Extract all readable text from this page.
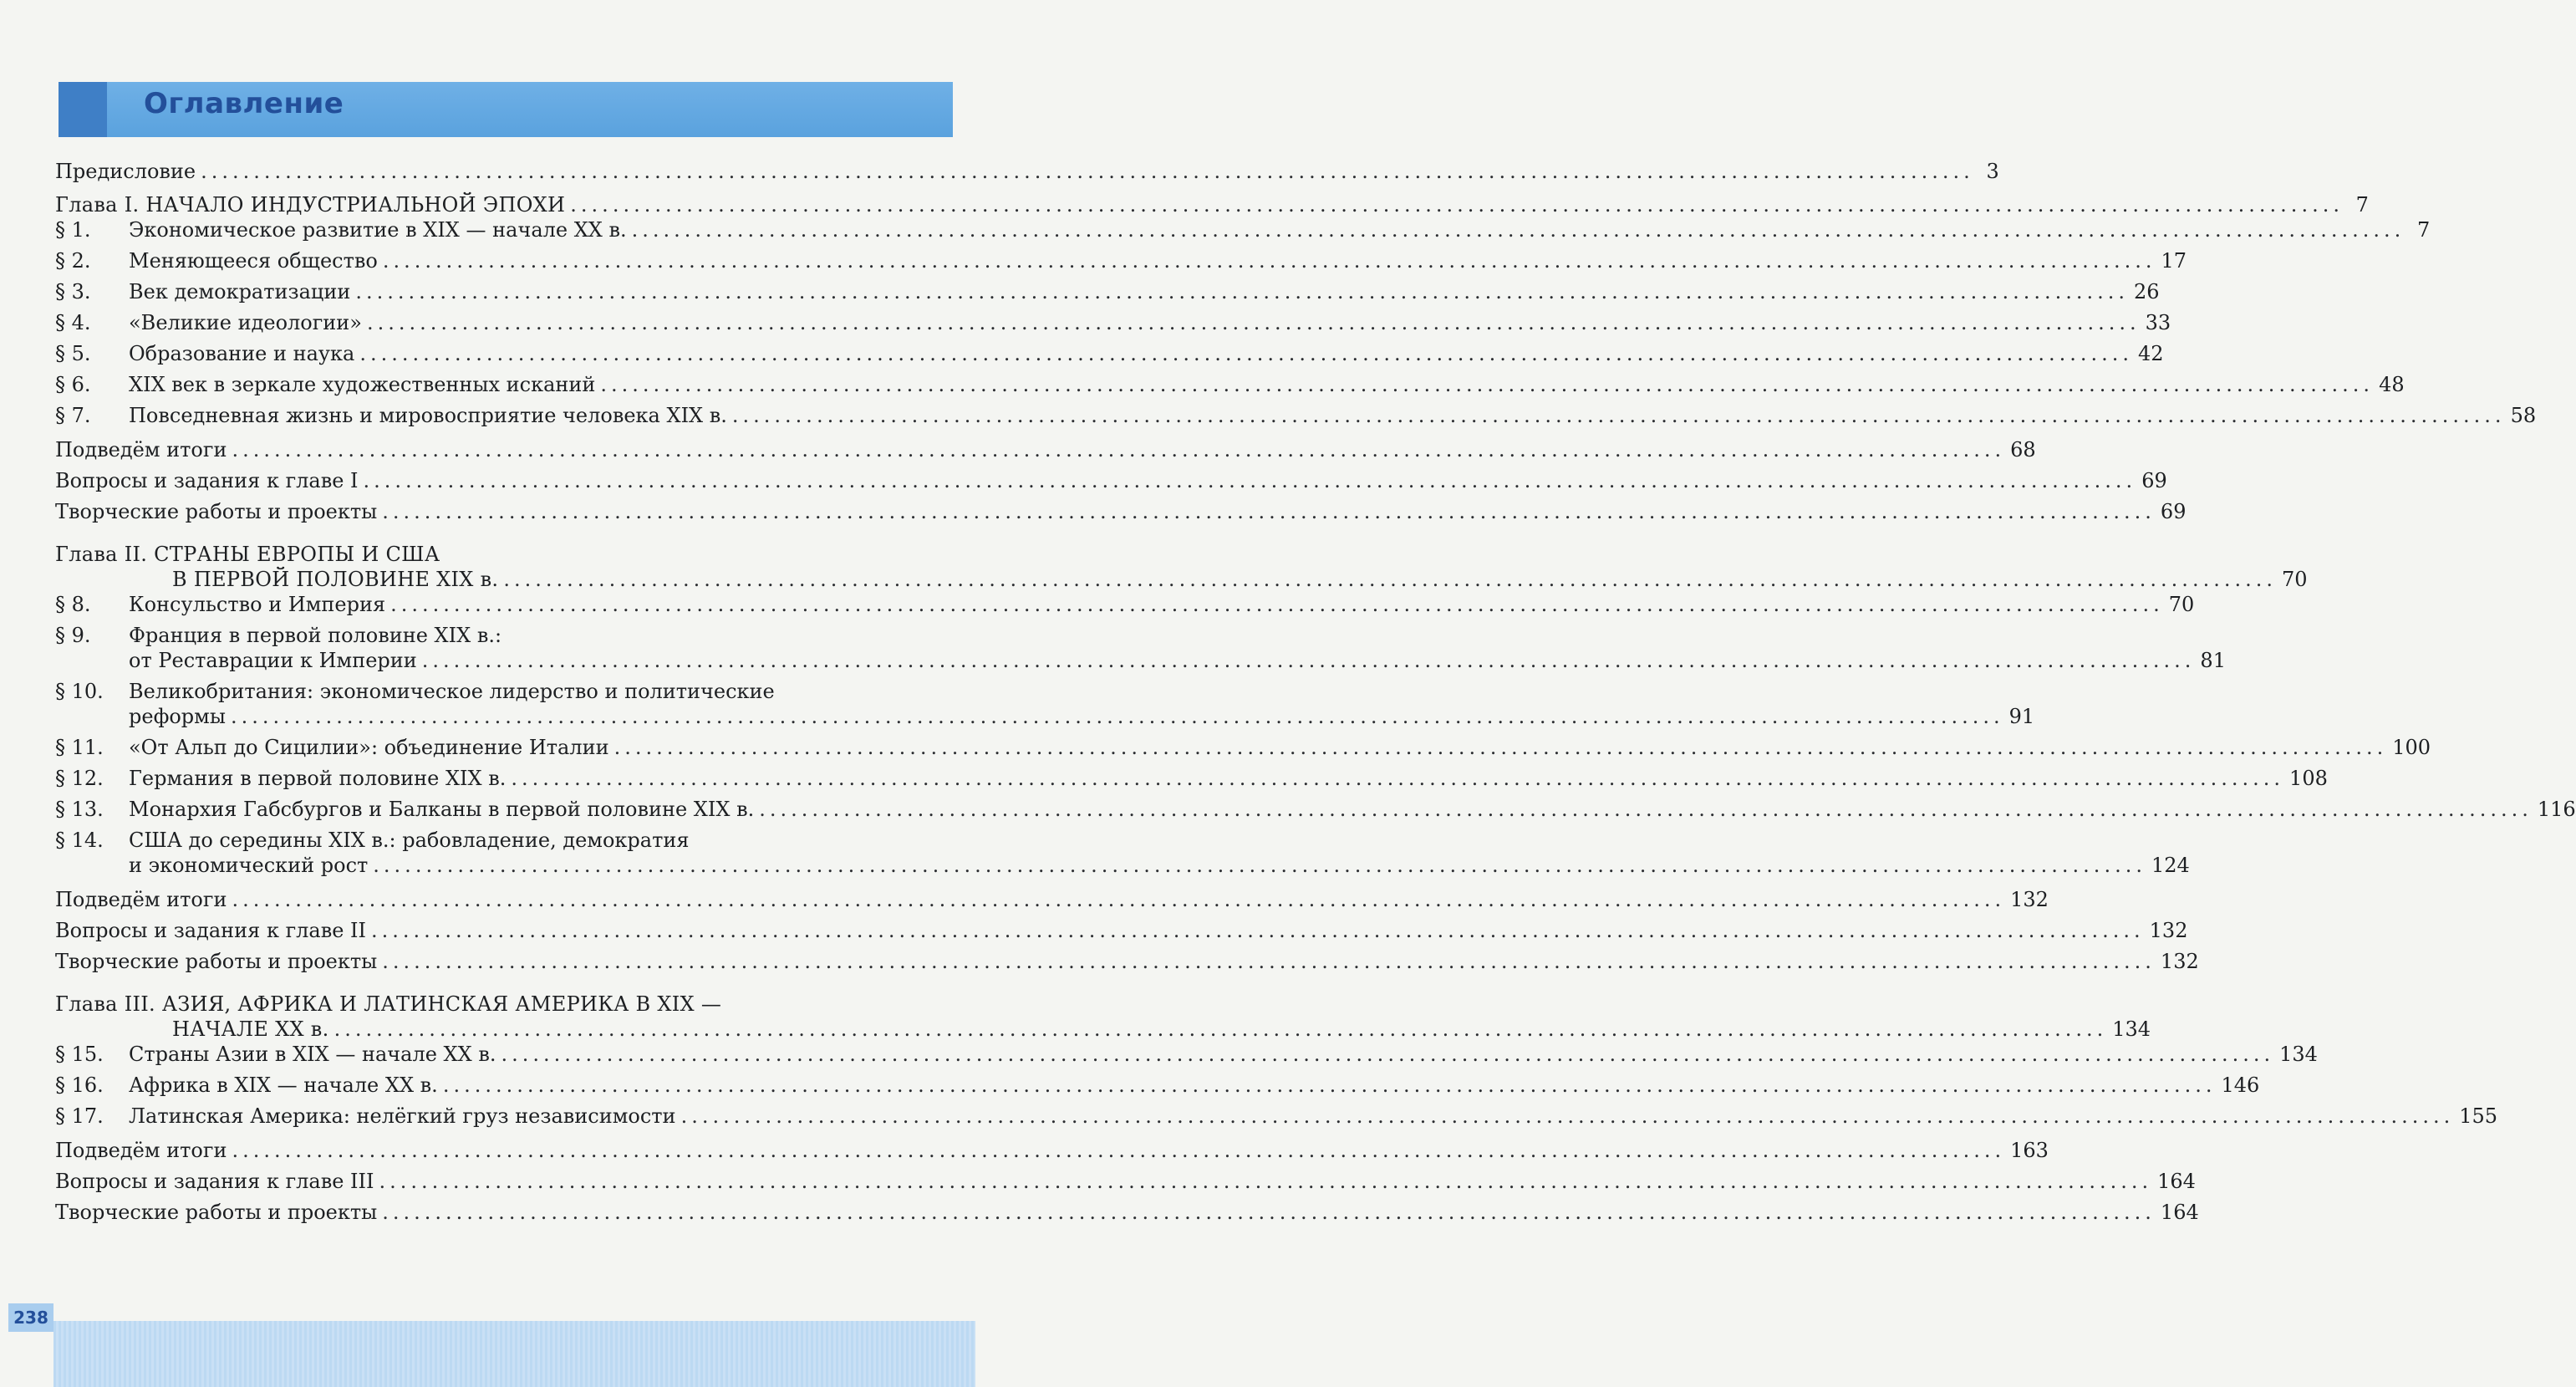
Оглавление
Предисловие .....	3
Глава I. НАЧАЛО ИНДУСТРИАЛЬНОЙ ЭПОХИ .....	7
§ 1.	Экономическое развитие в XIX — начале XX в. .....	7
§ 2.	Меняющееся общество .....	17
§ 3.	Век демократизации .....	26
§ 4.	«Великие идеологии» .....	33
§ 5.	Образование и наука .....	42
§ 6.	XIX век в зеркале художественных исканий .....	48
§ 7.	Повседневная жизнь и мировосприятие человека XIX в. .....	58
Подведём итоги .....	68
Вопросы и задания к главе I .....	69
Творческие работы и проекты .....	69
Глава II. СТРАНЫ ЕВРОПЫ И США
В ПЕРВОЙ ПОЛОВИНЕ XIX в. .....	70
§ 8.	Консульство и Империя .....	70
§ 9.	Франция в первой половине XIX в.:
от Реставрации к Империи .....	81
§ 10.	Великобритания: экономическое лидерство и политические
реформы .....	91
§ 11.	«От Альп до Сицилии»: объединение Италии .....	100
§ 12.	Германия в первой половине XIX в. .....	108
§ 13.	Монархия Габсбургов и Балканы в первой половине XIX в. .....	116
§ 14.	США до середины XIX в.: рабовладение, демократия
и экономический рост .....	124
Подведём итоги .....	132
Вопросы и задания к главе II .....	132
Творческие работы и проекты .....	132
Глава III. АЗИЯ, АФРИКА И ЛАТИНСКАЯ АМЕРИКА В XIX —
НАЧАЛЕ XX в. .....	134
§ 15.	Страны Азии в XIX — начале XX в. .....	134
§ 16.	Африка в XIX — начале XX в. .....	146
§ 17.	Латинская Америка: нелёгкий груз независимости .....	155
Подведём итоги .....	163
Вопросы и задания к главе III .....	164
Творческие работы и проекты .....	164
238
